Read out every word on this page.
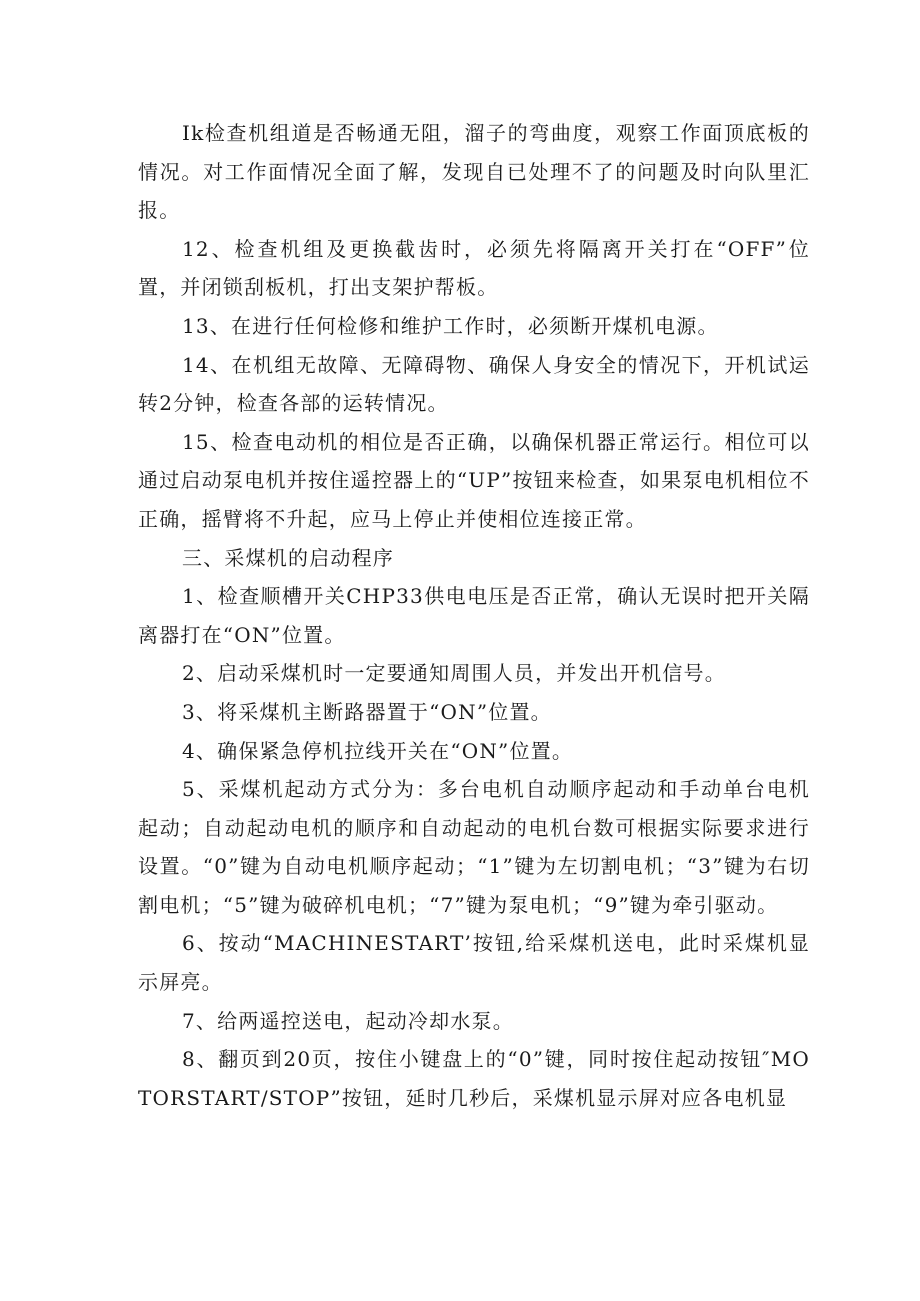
Ik检查机组道是否畅通无阻，溜子的弯曲度，观察工作面顶底板的情况。对工作面情况全面了解，发现自已处理不了的问题及时向队里汇报。

12、检查机组及更换截齿时，必须先将隔离开关打在“OFF”位置，并闭锁刮板机，打出支架护帮板。

13、在进行任何检修和维护工作时，必须断开煤机电源。

14、在机组无故障、无障碍物、确保人身安全的情况下，开机试运转2分钟，检查各部的运转情况。

15、检查电动机的相位是否正确，以确保机器正常运行。相位可以通过启动泵电机并按住遥控器上的“UP”按钮来检查，如果泵电机相位不正确，摇臂将不升起，应马上停止并使相位连接正常。

三、采煤机的启动程序

1、检查顺槽开关CHP33供电电压是否正常，确认无误时把开关隔离器打在“ON”位置。

2、启动采煤机时一定要通知周围人员，并发出开机信号。

3、将采煤机主断路器置于“ON”位置。

4、确保紧急停机拉线开关在“ON”位置。

5、采煤机起动方式分为：多台电机自动顺序起动和手动单台电机起动；自动起动电机的顺序和自动起动的电机台数可根据实际要求进行设置。“0”键为自动电机顺序起动；“1”键为左切割电机；“3”键为右切割电机；“5”键为破碎机电机；“7”键为泵电机；“9”键为牵引驱动。

6、按动“MACHINESTART’按钮,给采煤机送电，此时采煤机显示屏亮。

7、给两遥控送电，起动冷却水泵。

8、翻页到20页，按住小键盘上的“0”键，同时按住起动按钮″MOTORSTART/STOP”按钮，延时几秒后，采煤机显示屏对应各电机显
